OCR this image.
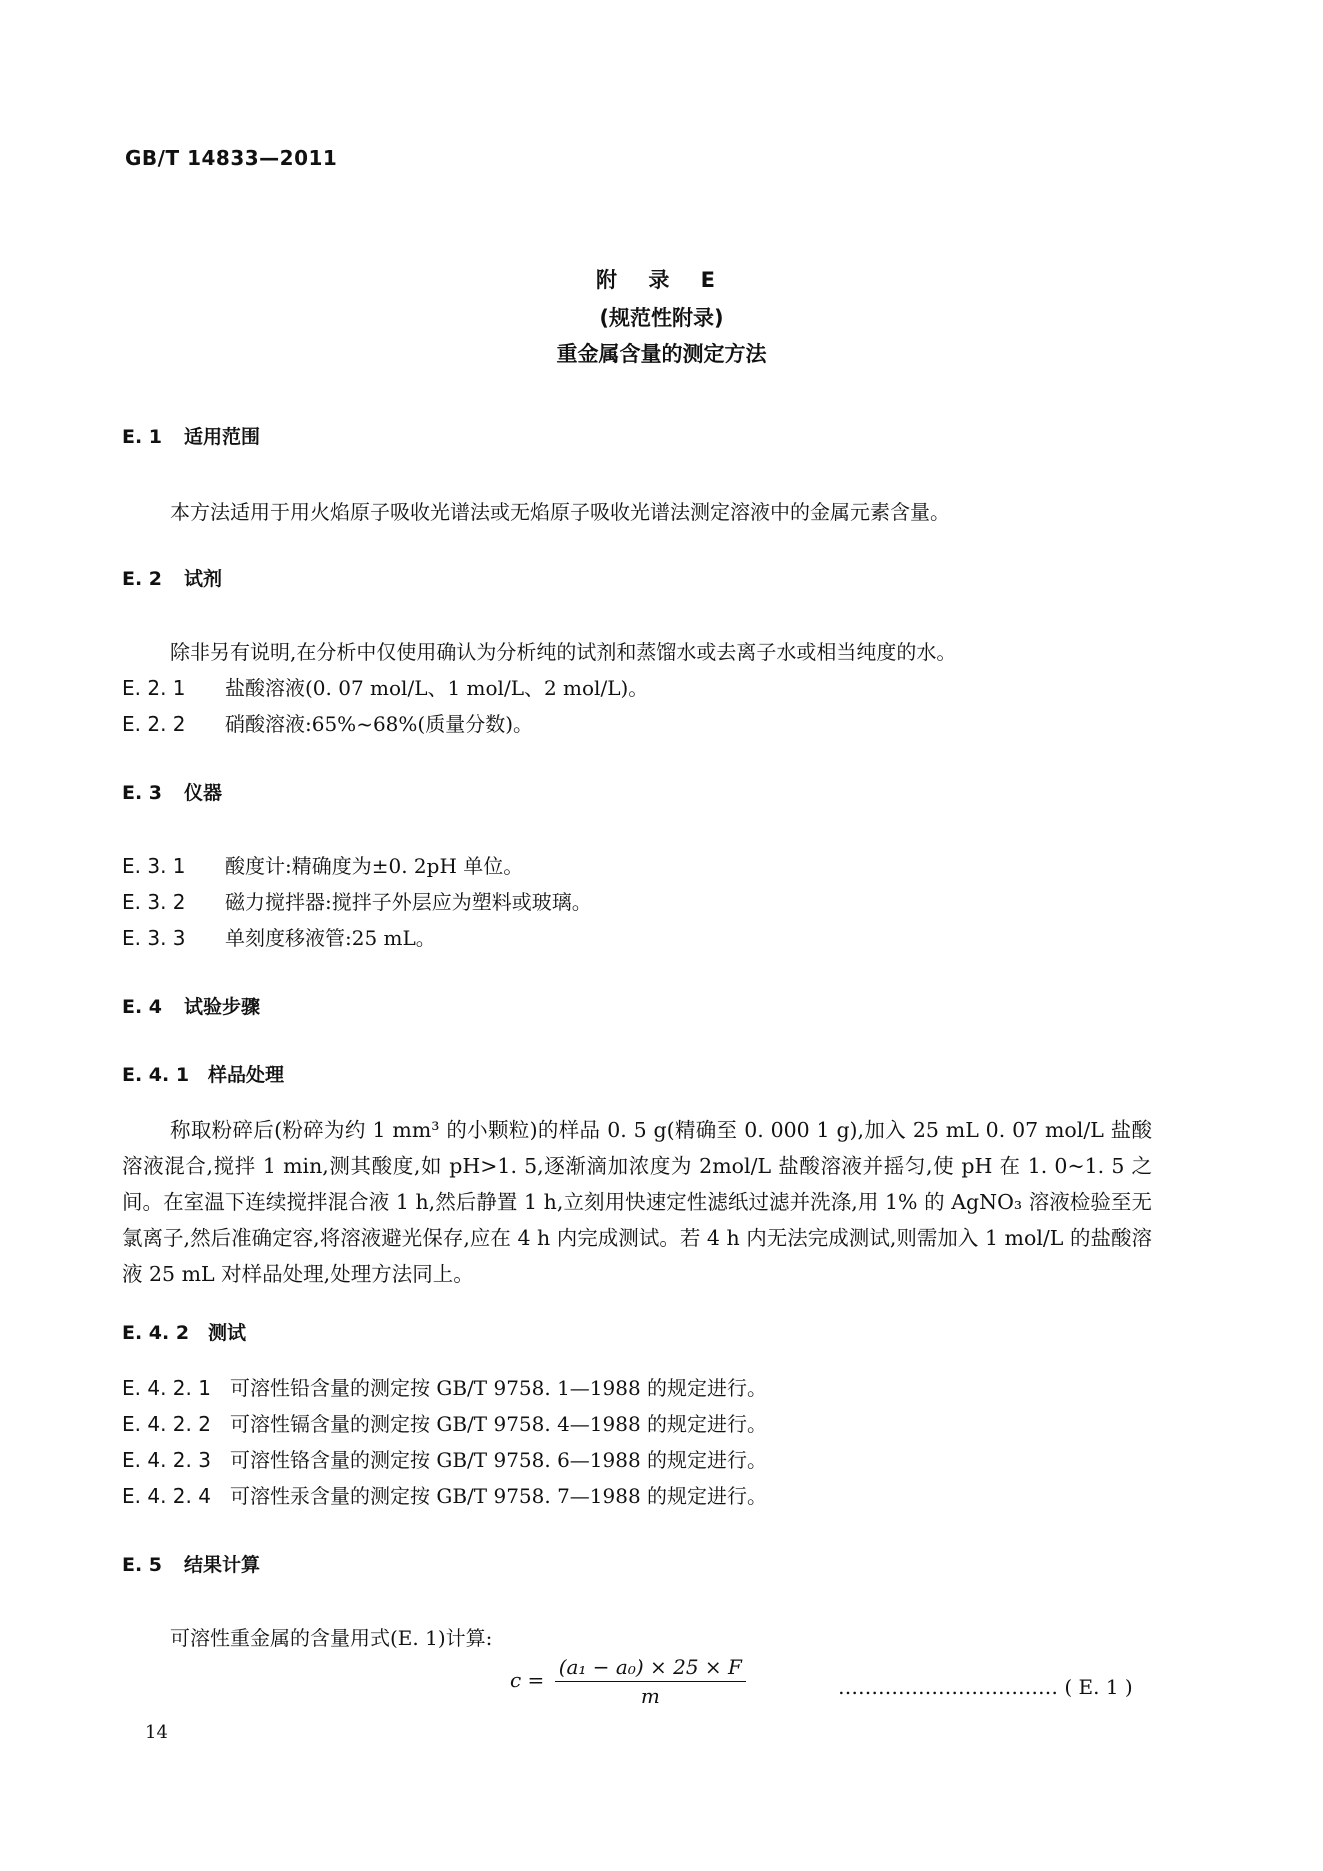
GB/T 14833—2011
附 录 E
(规范性附录)
重金属含量的测定方法
E. 1 适用范围
本方法适用于用火焰原子吸收光谱法或无焰原子吸收光谱法测定溶液中的金属元素含量。
E. 2 试剂
除非另有说明,在分析中仅使用确认为分析纯的试剂和蒸馏水或去离子水或相当纯度的水。
E. 2. 1 盐酸溶液(0. 07 mol/L、1 mol/L、2 mol/L)。
E. 2. 2 硝酸溶液:65%~68%(质量分数)。
E. 3 仪器
E. 3. 1 酸度计:精确度为±0. 2pH 单位。
E. 3. 2 磁力搅拌器:搅拌子外层应为塑料或玻璃。
E. 3. 3 单刻度移液管:25 mL。
E. 4 试验步骤
E. 4. 1 样品处理
称取粉碎后(粉碎为约 1 mm³ 的小颗粒)的样品 0. 5 g(精确至 0. 000 1 g),加入 25 mL 0. 07 mol/L 盐酸溶液混合,搅拌 1 min,测其酸度,如 pH>1. 5,逐渐滴加浓度为 2mol/L 盐酸溶液并摇匀,使 pH 在 1. 0~1. 5 之间。在室温下连续搅拌混合液 1 h,然后静置 1 h,立刻用快速定性滤纸过滤并洗涤,用 1% 的 AgNO₃ 溶液检验至无氯离子,然后准确定容,将溶液避光保存,应在 4 h 内完成测试。若 4 h 内无法完成测试,则需加入 1 mol/L 的盐酸溶液 25 mL 对样品处理,处理方法同上。
E. 4. 2 测试
E. 4. 2. 1 可溶性铅含量的测定按 GB/T 9758. 1—1988 的规定进行。
E. 4. 2. 2 可溶性镉含量的测定按 GB/T 9758. 4—1988 的规定进行。
E. 4. 2. 3 可溶性铬含量的测定按 GB/T 9758. 6—1988 的规定进行。
E. 4. 2. 4 可溶性汞含量的测定按 GB/T 9758. 7—1988 的规定进行。
E. 5 结果计算
可溶性重金属的含量用式(E. 1)计算:
$c = \frac{\text{(a₁ − a₀) × 25 × F}}{m}$	…………………………… ( E. 1 )
14
